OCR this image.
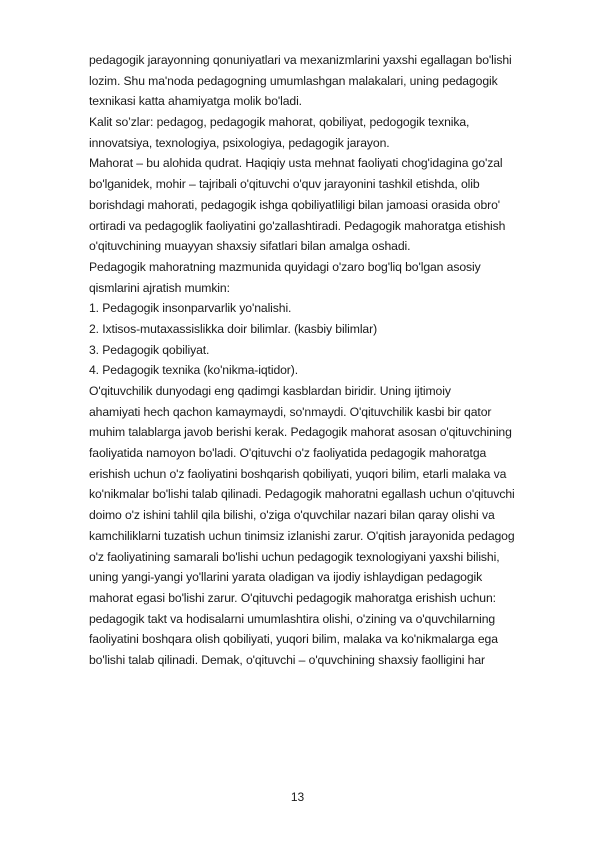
pedagogik jarayonning qonuniyatlari va mexanizmlarini yaxshi egallagan bo'lishi
lozim. Shu ma'noda pedagogning umumlashgan malakalari, uning pedagogik
texnikasi katta ahamiyatga molik bo'ladi.
Kalit so’zlar: pedagog, pedagogik mahorat, qobiliyat, pedogogik texnika,
innovatsiya, texnologiya, psixologiya, pedagogik jarayon.
Mahorat – bu alohida qudrat. Haqiqiy usta mehnat faoliyati chog'idagina go'zal
bo'lganidek, mohir – tajribali o'qituvchi o'quv jarayonini tashkil etishda, olib
borishdagi mahorati, pedagogik ishga qobiliyatliligi bilan jamoasi orasida obro'
ortiradi va pedagoglik faoliyatini go'zallashtiradi. Pedagogik mahoratga etishish
o'qituvchining muayyan shaxsiy sifatlari bilan amalga oshadi.
Pedagogik mahoratning mazmunida quyidagi o'zaro bog'liq bo'lgan asosiy
qismlarini ajratish mumkin:
1. Pedagogik insonparvarlik yo'nalishi.
2. Ixtisos-mutaxassislikka doir bilimlar. (kasbiy bilimlar)
3. Pedagogik qobiliyat.
4. Pedagogik texnika (ko'nikma-iqtidor).
O'qituvchilik dunyodagi eng qadimgi kasblardan biridir. Uning ijtimoiy
ahamiyati hech qachon kamaymaydi, so'nmaydi. O'qituvchilik kasbi bir qator
muhim talablarga javob berishi kerak. Pedagogik mahorat asosan o'qituvchining
faoliyatida namoyon bo'ladi. O'qituvchi o'z faoliyatida pedagogik mahoratga
erishish uchun o'z faoliyatini boshqarish qobiliyati, yuqori bilim, etarli malaka va
ko'nikmalar bo'lishi talab qilinadi. Pedagogik mahoratni egallash uchun o'qituvchi
doimo o'z ishini tahlil qila bilishi, o'ziga o'quvchilar nazari bilan qaray olishi va
kamchiliklarni tuzatish uchun tinimsiz izlanishi zarur. O'qitish jarayonida pedagog
o'z faoliyatining samarali bo'lishi uchun pedagogik texnologiyani yaxshi bilishi,
uning yangi-yangi yo'llarini yarata oladigan va ijodiy ishlaydigan pedagogik
mahorat egasi bo'lishi zarur. O'qituvchi pedagogik mahoratga erishish uchun:
pedagogik takt va hodisalarni umumlashtira olishi, o'zining va o'quvchilarning
faoliyatini boshqara olish qobiliyati, yuqori bilim, malaka va ko'nikmalarga ega
bo'lishi talab qilinadi. Demak, o'qituvchi – o'quvchining shaxsiy faolligini har
13
